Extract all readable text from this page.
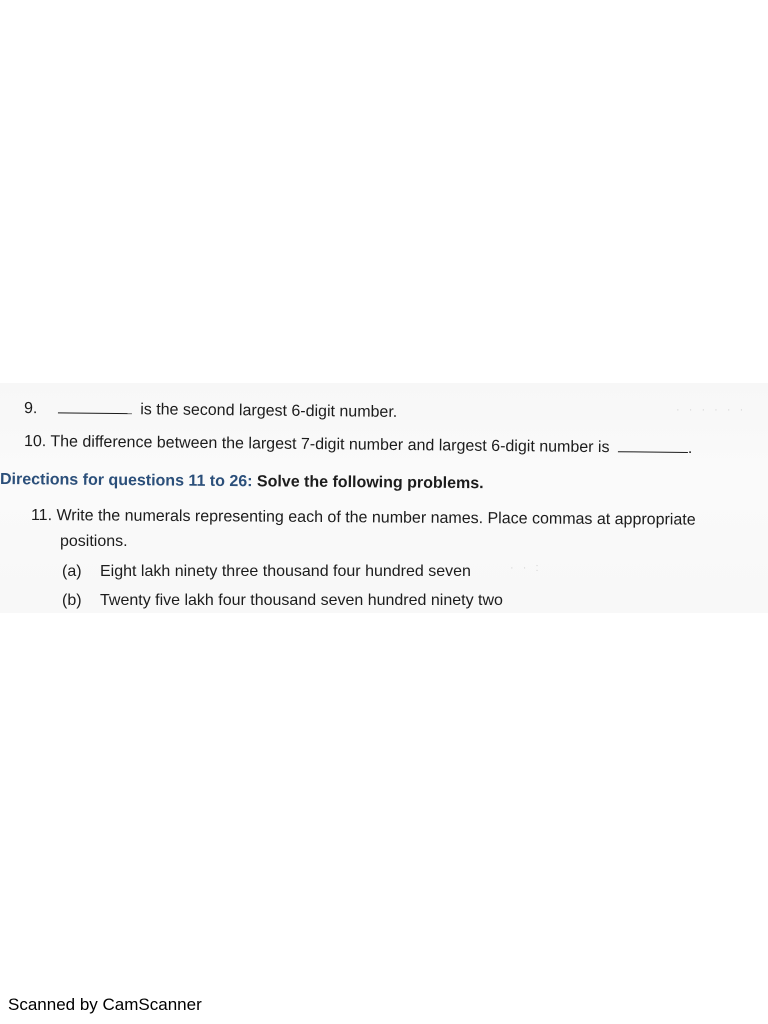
· · · · · ·
· · :
9.	is the second largest 6-digit number.
10. The difference between the largest 7-digit number and largest 6-digit number is	.
Directions for questions 11 to 26: Solve the following problems.
11. Write the numerals representing each of the number names. Place commas at appropriate
positions.
(a) Eight lakh ninety three thousand four hundred seven
(b) Twenty five lakh four thousand seven hundred ninety two
Scanned by CamScanner
